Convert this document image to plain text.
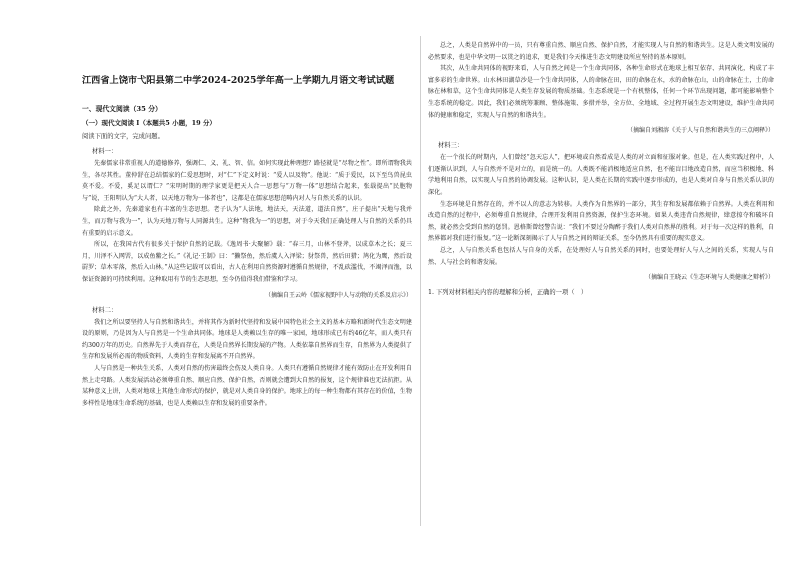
江西省上饶市弋阳县第二中学2024-2025学年高一上学期九月语文考试试题
一、现代文阅读（35 分）
（一）现代文阅读 I（本题共5 小题，19 分）
阅读下面的文字，完成问题。
材料一：

先秦儒家非常重视人的道德修养，强调仁、义、礼、智、信。如何实现此种理想？路径就是“尽物之性”。即所谓物我共生，各尽其性。董仲舒在总结儒家的仁爱思想时，对“仁”下定义时说：“爱人以及物”。他说：“质于爱民，以下至鸟兽昆虫莫不爱。不爱，奚足以谓仁？”宋明时期的理学家更是把天人合一思想与“万物一体”思想结合起来，张载提出“民胞物与”说，王阳明认为“大人者，以天地万物为一体者也”，这都是在儒家思想范畴内对人与自然关系的认识。

除此之外，先秦道家也有丰富的生态思想。老子认为“人法地，地法天，天法道，道法自然”，庄子提出“天地与我并生，而万物与我为一”，认为天地万物与人同源共生。这种“物我为一”的思想，对于今天我们正确处理人与自然的关系仍具有重要的启示意义。

所以，在我国古代有很多关于保护自然的记载。《逸周书·大聚解》载：“春三月，山林不登斧，以成草木之长；夏三月，川泽不入网罟，以成鱼鳖之长。”《礼记·王制》曰：“獭祭鱼，然后虞人入泽梁；豺祭兽，然后田猎；鸠化为鹰，然后设罻罗；草木零落，然后入山林。”从这些记载可以看出，古人在利用自然资源时遵循自然规律，不乱砍滥伐，不竭泽而渔，以保证资源的可持续利用。这种取用有节的生态思想，至今仍值得我们借鉴和学习。

（摘编自王云岭《儒家视野中人与动物的关系及启示》）
材料二：

我们之所以要坚持人与自然和谐共生，并将其作为新时代坚持和发展中国特色社会主义的基本方略和新时代生态文明建设的原则，乃是因为人与自然是一个生命共同体。地球是人类赖以生存的唯一家园，地球形成已有约46亿年，而人类只有约300万年的历史。自然界先于人类而存在，人类是自然界长期发展的产物。人类依靠自然界而生存，自然界为人类提供了生存和发展所必需的物质资料，人类的生存和发展离不开自然界。

人与自然是一种共生关系，人类对自然的伤害最终会伤及人类自身。人类只有遵循自然规律才能有效防止在开发利用自然上走弯路。人类发展活动必须尊重自然、顺应自然、保护自然，否则就会遭到大自然的报复，这个规律谁也无法抗拒。从某种意义上讲，人类对地球上其他生命形式的保护，就是对人类自身的保护。地球上的每一种生物都有其存在的价值，生物多样性是地球生命系统的基础，也是人类赖以生存和发展的重要条件。

总之，人类是自然界中的一员，只有尊重自然、顺应自然、保护自然，才能实现人与自然的和谐共生。这是人类文明发展的必然要求，也是中华文明一以贯之的追求，更是我们今天推进生态文明建设所应坚持的基本原则。

其次，从生命共同体的视野来看，人与自然之间是一个生命共同体，各种生命形式在地球上相互依存、共同演化，构成了丰富多彩的生命世界。山水林田湖草沙是一个生命共同体，人的命脉在田，田的命脉在水，水的命脉在山，山的命脉在土，土的命脉在林和草，这个生命共同体是人类生存发展的物质基础。生态系统是一个有机整体，任何一个环节出现问题，都可能影响整个生态系统的稳定。因此，我们必须统筹兼顾、整体施策、多措并举，全方位、全地域、全过程开展生态文明建设，维护生命共同体的健康和稳定，实现人与自然的和谐共生。

（摘编自刘湘溶《关于人与自然和谐共生的三点阐释》）
材料三：

在一个很长的时期内，人们曾经“忽天忘人”，把环境或自然看成是人类的对立面和征服对象。但是，在人类实践过程中，人们逐渐认识到，人与自然并不是对立的，而是统一的。人类既不能消极地适应自然，也不能盲目地改造自然，而应当积极地、科学地利用自然，以实现人与自然的协调发展。这种认识，是人类在长期的实践中逐步形成的，也是人类对自身与自然关系认识的深化。

生态环境是自然存在的，并不以人的意志为转移。人类作为自然界的一部分，其生存和发展都依赖于自然界。人类在利用和改造自然的过程中，必须尊重自然规律，合理开发利用自然资源，保护生态环境。如果人类违背自然规律，肆意掠夺和破坏自然，就必然会受到自然的惩罚。恩格斯曾经警告说：“我们不要过分陶醉于我们人类对自然界的胜利。对于每一次这样的胜利，自然界都对我们进行报复。”这一论断深刻揭示了人与自然之间的辩证关系，至今仍然具有重要的现实意义。

总之，人与自然关系也包括人与自身的关系，在处理好人与自然关系的同时，也要处理好人与人之间的关系，实现人与自然、人与社会的和谐发展。

（摘编自王晓云《生态环境与人类健康之辩析》）
1. 下列对材料相关内容的理解和分析，正确的一项（　）
